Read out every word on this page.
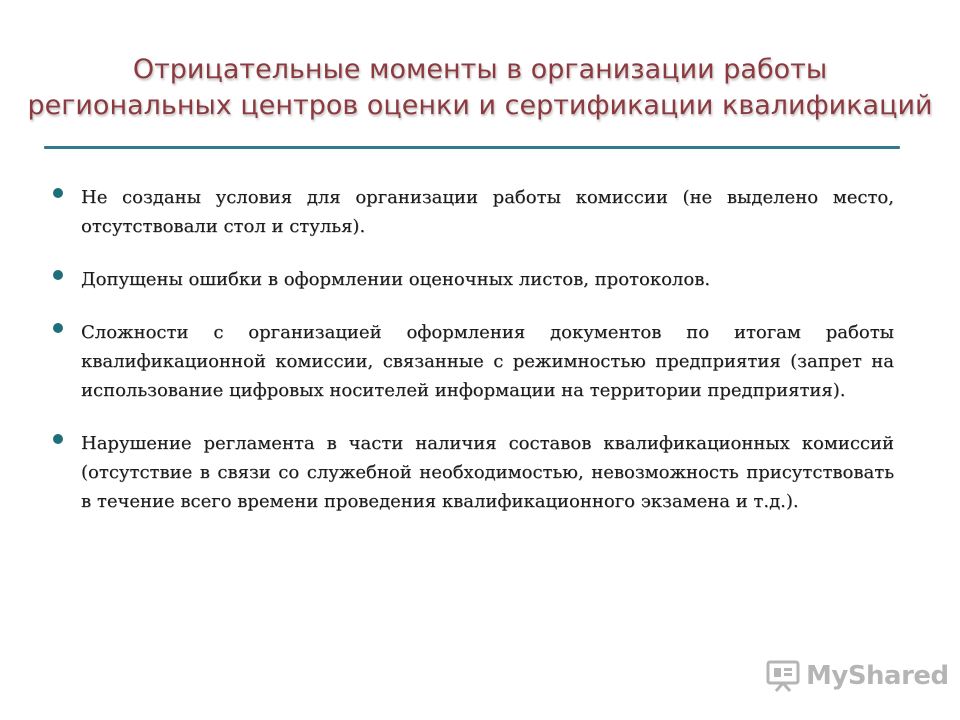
Отрицательные моменты в организации работы
региональных центров оценки и сертификации квалификаций
Не созданы условия для организации работы комиссии (не выделено место, отсутствовали стол и стулья).
Допущены ошибки в оформлении оценочных листов, протоколов.
Сложности с организацией оформления документов по итогам работы квалификационной комиссии, связанные с режимностью предприятия (запрет на использование цифровых носителей информации на территории предприятия).
Нарушение регламента в части наличия составов квалификационных комиссий (отсутствие в связи со служебной необходимостью, невозможность присутствовать в течение всего времени проведения квалификационного экзамена и т.д.).
MyShared
